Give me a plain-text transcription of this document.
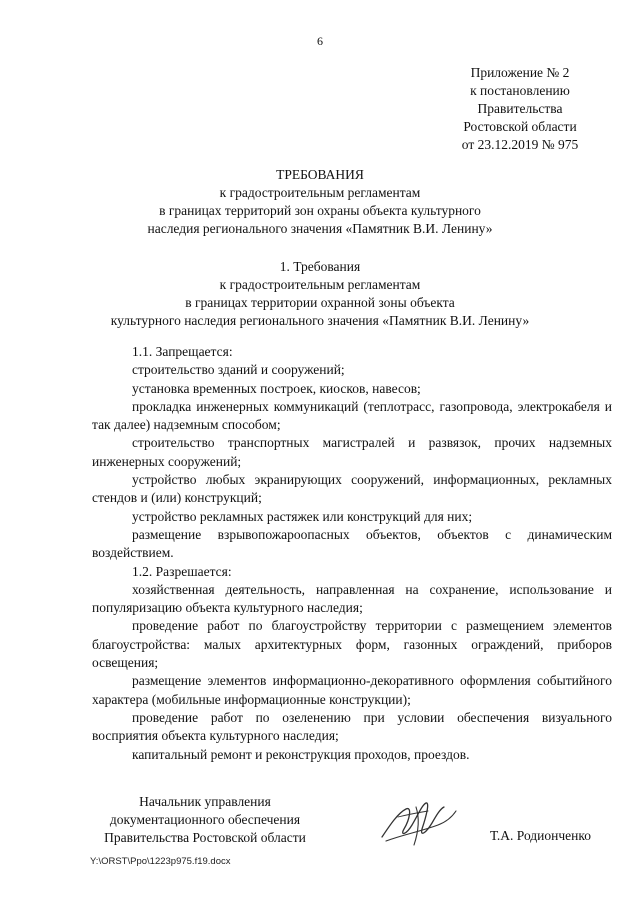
6
Приложение № 2
к постановлению
Правительства
Ростовской области
от 23.12.2019 № 975
ТРЕБОВАНИЯ
к градостроительным регламентам
в границах территорий зон охраны объекта культурного
наследия регионального значения «Памятник В.И. Ленину»
1. Требования
к градостроительным регламентам
в границах территории охранной зоны объекта
культурного наследия регионального значения «Памятник В.И. Ленину»

1.1. Запрещается:

строительство зданий и сооружений;

установка временных построек, киосков, навесов;

прокладка инженерных коммуникаций (теплотрасс, газопровода, электрокабеля и так далее) надземным способом;

строительство транспортных магистралей и развязок, прочих надземных инженерных сооружений;

устройство любых экранирующих сооружений, информационных, рекламных стендов и (или) конструкций;

устройство рекламных растяжек или конструкций для них;

размещение взрывопожароопасных объектов, объектов с динамическим воздействием.

1.2. Разрешается:

хозяйственная деятельность, направленная на сохранение, использование и популяризацию объекта культурного наследия;

проведение работ по благоустройству территории с размещением элементов благоустройства: малых архитектурных форм, газонных ограждений, приборов освещения;

размещение элементов информационно-декоративного оформления событийного характера (мобильные информационные конструкции);

проведение работ по озеленению при условии обеспечения визуального восприятия объекта культурного наследия;

капитальный ремонт и реконструкция проходов, проездов.

Начальник управления
документационного обеспечения
Правительства Ростовской области	Т.А. Родионченко
Y:\ORST\Ppo\1223p975.f19.docx
